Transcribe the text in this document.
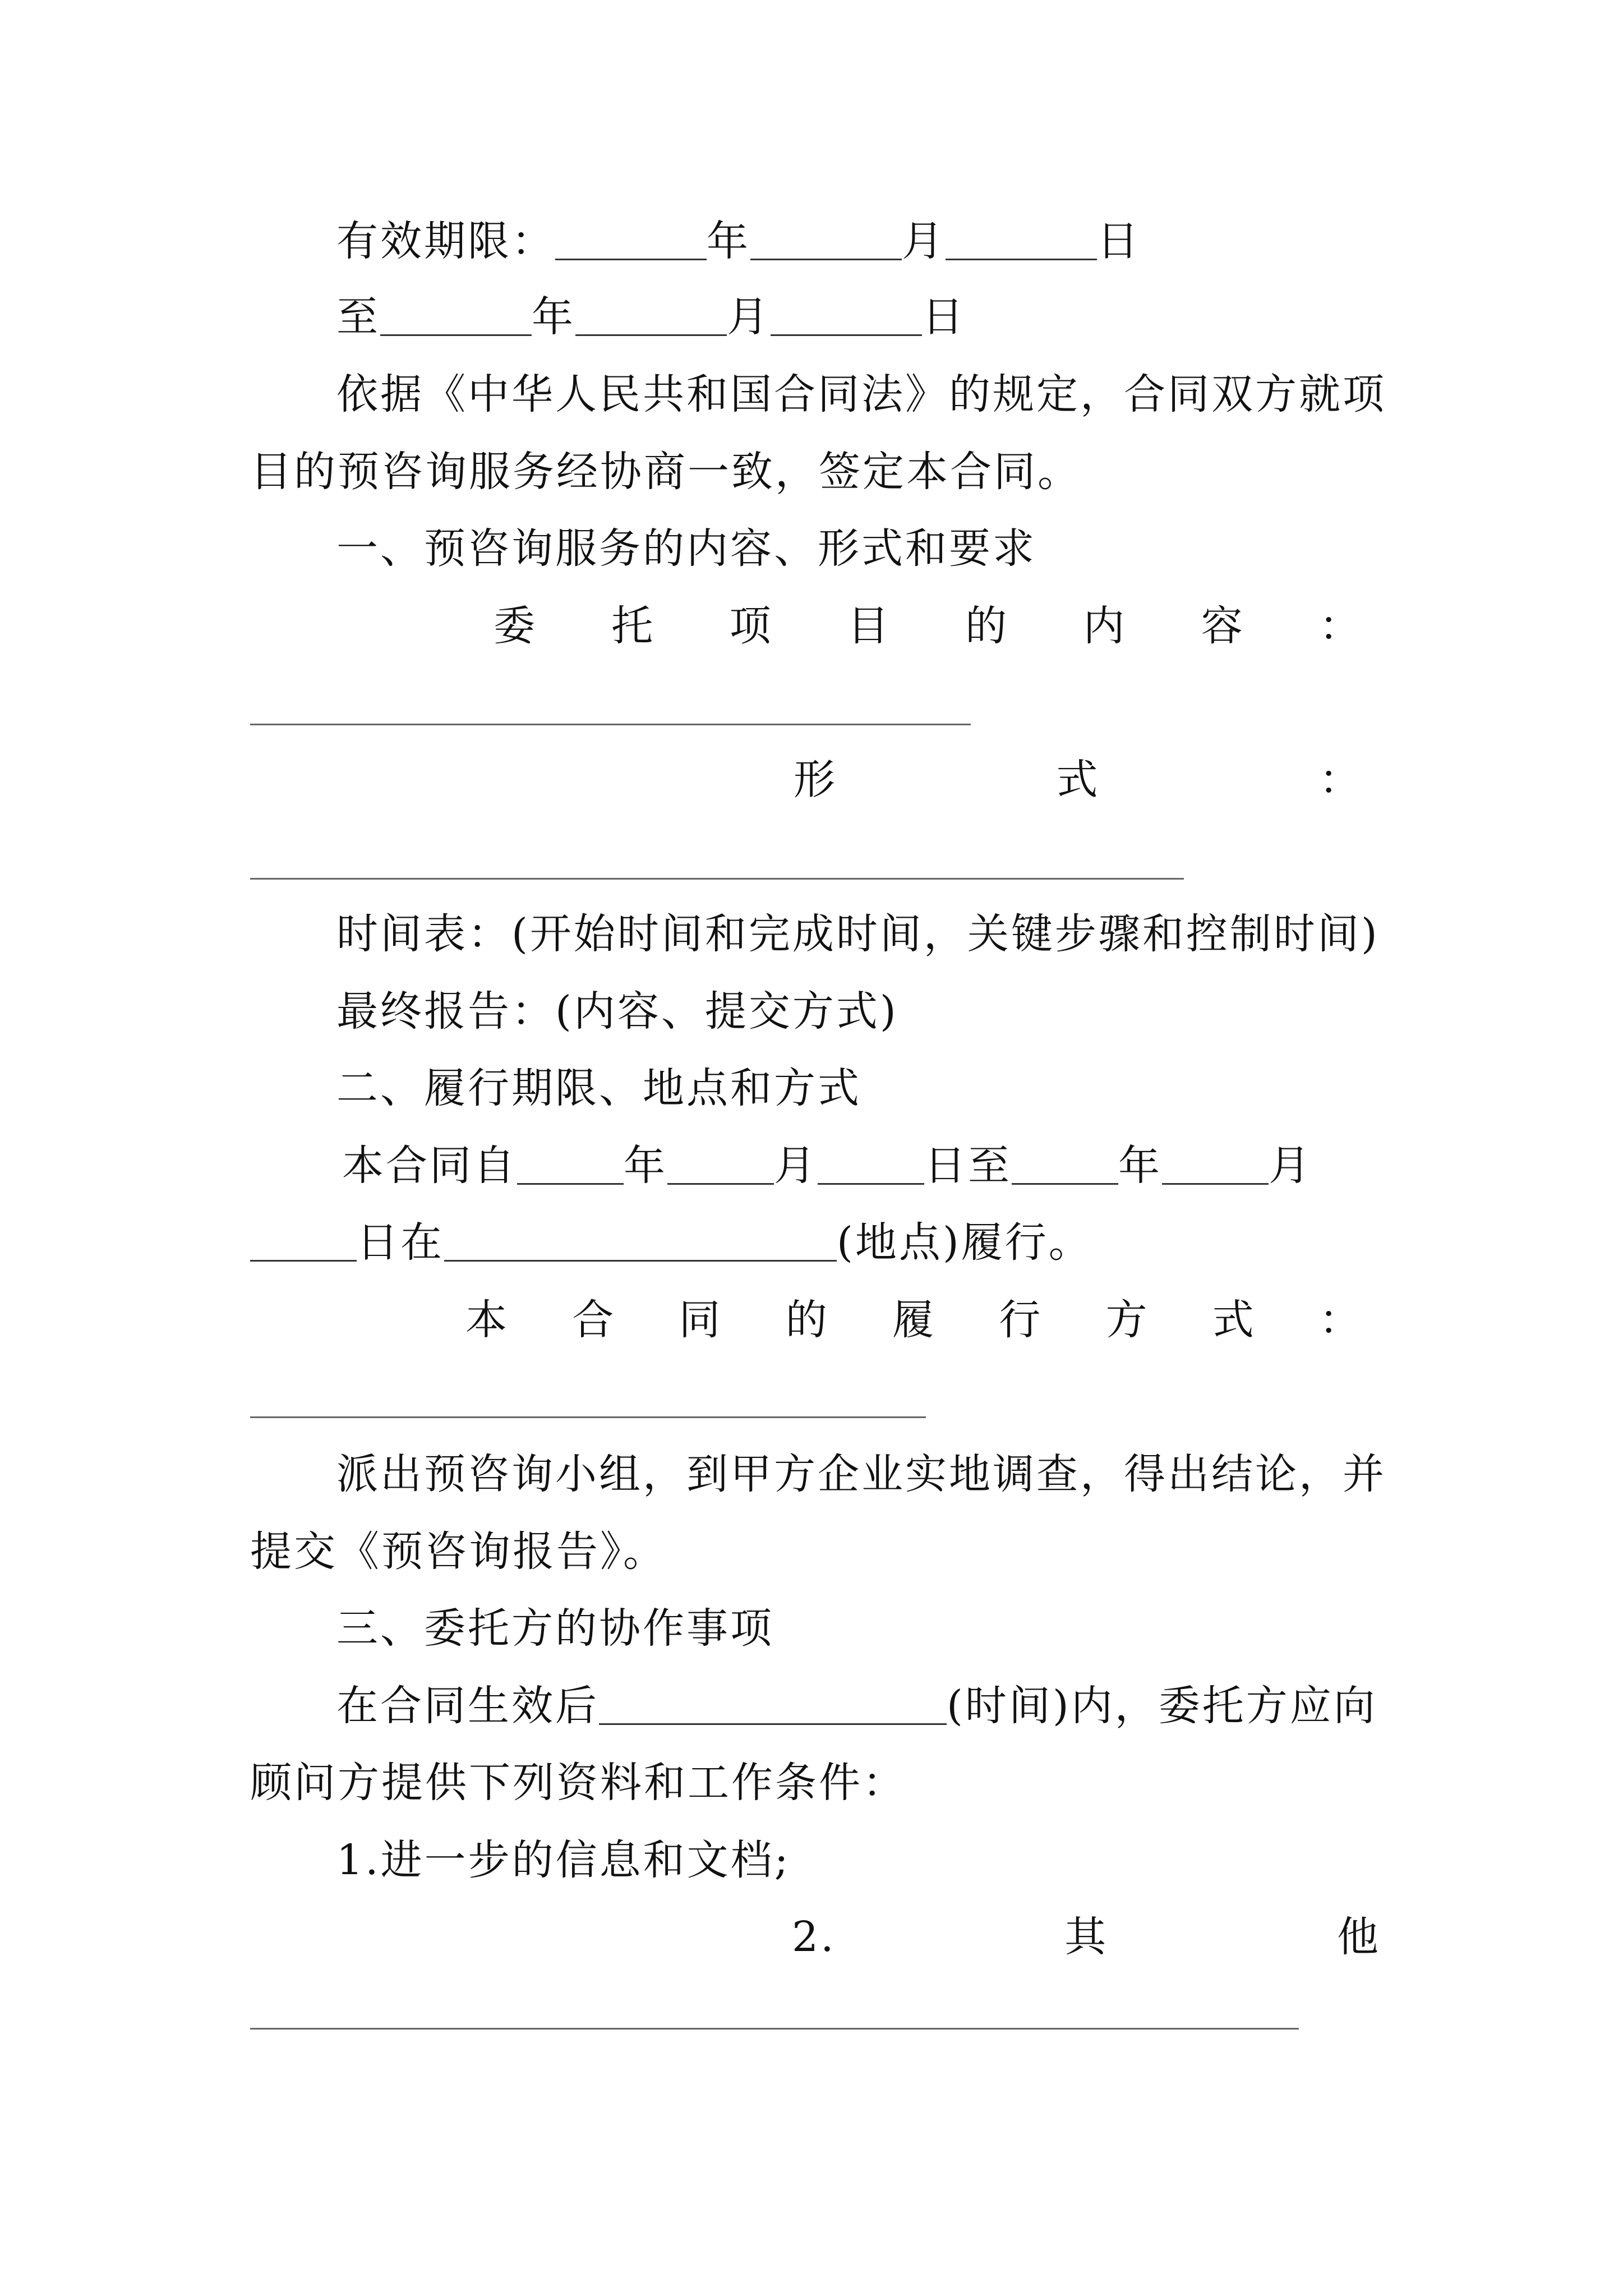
有效期限：	年	月	日
至	年	月	日
依据《中华人民共和国合同法》的规定，合同双方就项
目的预咨询服务经协商一致，签定本合同。
一、预咨询服务的内容、形式和要求
委 托 项 目 的 内 容 ：
形	式	：
时间表：(开始时间和完成时间，关键步骤和控制时间)
最终报告：(内容、提交方式)
二、履行期限、地点和方式
本合同自	年	月	日至	年	月
日在	(地点)履行。
本 合 同 的 履 行 方 式 ：
派出预咨询小组，到甲方企业实地调查，得出结论，并
提交《预咨询报告》。
三、委托方的协作事项
在合同生效后	(时间)内，委托方应向
顾问方提供下列资料和工作条件：
1.进一步的信息和文档;
2.	其	他
